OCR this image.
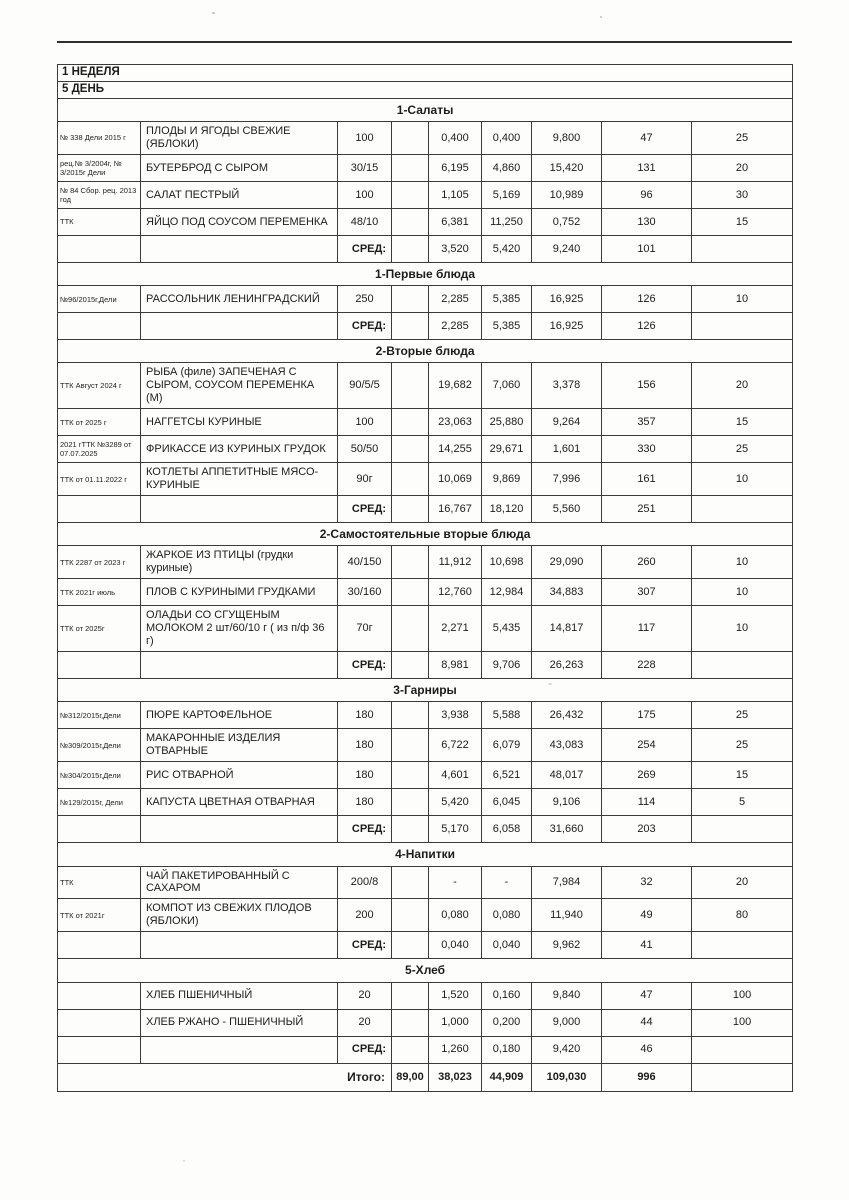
1 НЕДЕЛЯ								
5 ДЕНЬ								
1-Салаты								
№ 338 Дели 2015 г	ПЛОДЫ И ЯГОДЫ СВЕЖИЕ (ЯБЛОКИ)	100		0,400	0,400	9,800	47	25
рец.№ 3/2004г, № 3/2015г Дели	БУТЕРБРОД С СЫРОМ	30/15		6,195	4,860	15,420	131	20
№ 84 Сбор. рец. 2013 год	САЛАТ ПЕСТРЫЙ	100		1,105	5,169	10,989	96	30
ТТК	ЯЙЦО ПОД СОУСОМ ПЕРЕМЕНКА	48/10		6,381	11,250	0,752	130	15
		СРЕД:		3,520	5,420	9,240	101	
1-Первые блюда								
№96/2015г,Дели	РАССОЛЬНИК ЛЕНИНГРАДСКИЙ	250		2,285	5,385	16,925	126	10
		СРЕД:		2,285	5,385	16,925	126	
2-Вторые блюда								
ТТК Август 2024 г	РЫБА (филе) ЗАПЕЧЕНАЯ С СЫРОМ, СОУСОМ ПЕРЕМЕНКА (М)	90/5/5		19,682	7,060	3,378	156	20
ТТК от 2025 г	НАГГЕТСЫ КУРИНЫЕ	100		23,063	25,880	9,264	357	15
2021 гТТК №3289 от 07.07.2025	ФРИКАССЕ ИЗ КУРИНЫХ ГРУДОК	50/50		14,255	29,671	1,601	330	25
ТТК от 01.11.2022 г	КОТЛЕТЫ АППЕТИТНЫЕ МЯСО-КУРИНЫЕ	90г		10,069	9,869	7,996	161	10
		СРЕД:		16,767	18,120	5,560	251	
2-Самостоятельные вторые блюда								
ТТК 2287 от 2023 г	ЖАРКОЕ ИЗ ПТИЦЫ (грудки куриные)	40/150		11,912	10,698	29,090	260	10
ТТК 2021г июль	ПЛОВ С КУРИНЫМИ ГРУДКАМИ	30/160		12,760	12,984	34,883	307	10
ТТК от 2025г	ОЛАДЬИ СО СГУЩЕНЫМ МОЛОКОМ 2 шт/60/10 г ( из п/ф 36 г)	70г		2,271	5,435	14,817	117	10
		СРЕД:		8,981	9,706	26,263	228	
3-Гарниры								
№312/2015г,Дели	ПЮРЕ КАРТОФЕЛЬНОЕ	180		3,938	5,588	26,432	175	25
№309/2015г,Дели	МАКАРОННЫЕ ИЗДЕЛИЯ ОТВАРНЫЕ	180		6,722	6,079	43,083	254	25
№304/2015г,Дели	РИС ОТВАРНОЙ	180		4,601	6,521	48,017	269	15
№129/2015г, Дели	КАПУСТА ЦВЕТНАЯ ОТВАРНАЯ	180		5,420	6,045	9,106	114	5
		СРЕД:		5,170	6,058	31,660	203	
4-Напитки								
ТТК	ЧАЙ ПАКЕТИРОВАННЫЙ С САХАРОМ	200/8		-	-	7,984	32	20
ТТК от 2021г	КОМПОТ ИЗ СВЕЖИХ ПЛОДОВ (ЯБЛОКИ)	200		0,080	0,080	11,940	49	80
		СРЕД:		0,040	0,040	9,962	41	
5-Хлеб								
	ХЛЕБ ПШЕНИЧНЫЙ	20		1,520	0,160	9,840	47	100
	ХЛЕБ РЖАНО - ПШЕНИЧНЫЙ	20		1,000	0,200	9,000	44	100
		СРЕД:		1,260	0,180	9,420	46	
Итого:			89,00	38,023	44,909	109,030	996	
